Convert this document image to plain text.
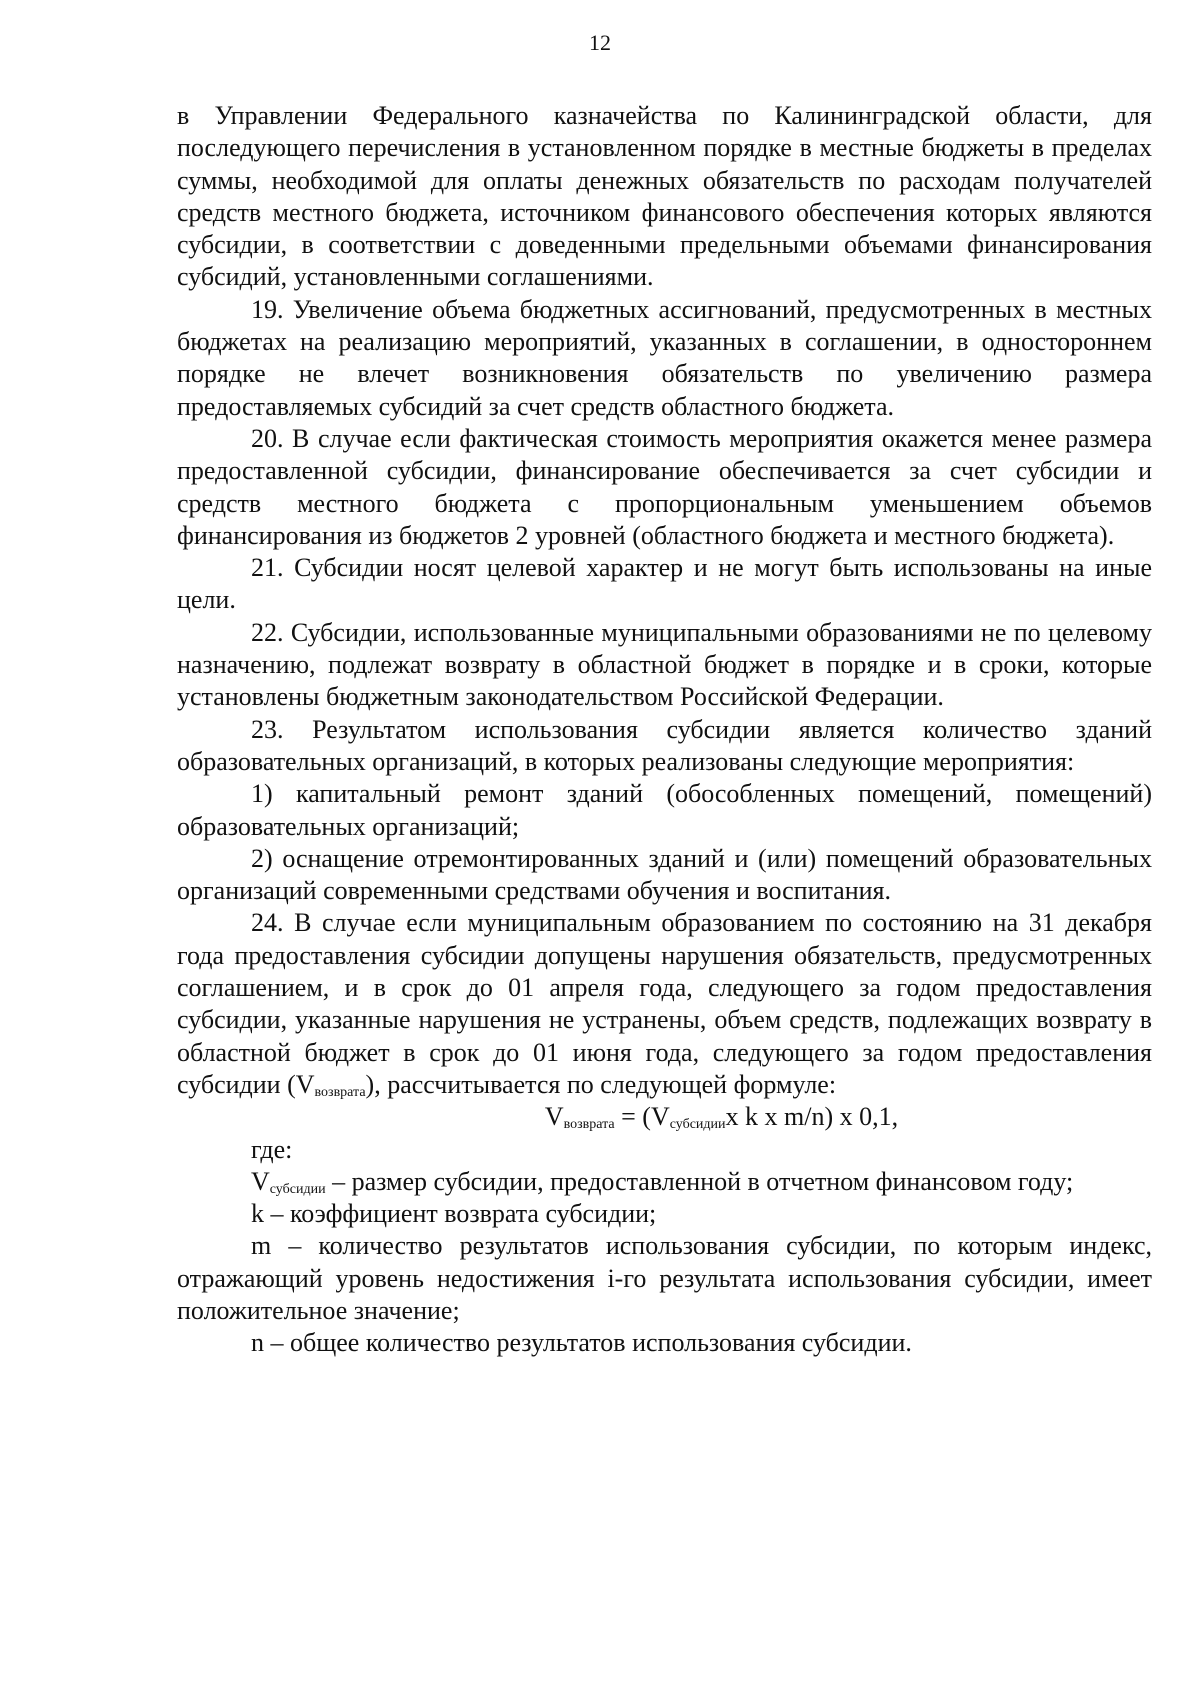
12

в Управлении Федерального казначейства по Калининградской области, для последующего перечисления в установленном порядке в местные бюджеты в пределах суммы, необходимой для оплаты денежных обязательств по расходам получателей средств местного бюджета, источником финансового обеспечения которых являются субсидии, в соответствии с доведенными предельными объемами финансирования субсидий, установленными соглашениями.

19. Увеличение объема бюджетных ассигнований, предусмотренных в местных бюджетах на реализацию мероприятий, указанных в соглашении, в одностороннем порядке не влечет возникновения обязательств по увеличению размера предоставляемых субсидий за счет средств областного бюджета.

20. В случае если фактическая стоимость мероприятия окажется менее размера предоставленной субсидии, финансирование обеспечивается за счет субсидии и средств местного бюджета с пропорциональным уменьшением объемов финансирования из бюджетов 2 уровней (областного бюджета и местного бюджета).

21. Субсидии носят целевой характер и не могут быть использованы на иные цели.

22. Субсидии, использованные муниципальными образованиями не по целевому назначению, подлежат возврату в областной бюджет в порядке и в сроки, которые установлены бюджетным законодательством Российской Федерации.

23. Результатом использования субсидии является количество зданий образовательных организаций, в которых реализованы следующие мероприятия:

1) капитальный ремонт зданий (обособленных помещений, помещений) образовательных организаций;

2) оснащение отремонтированных зданий и (или) помещений образовательных организаций современными средствами обучения и воспитания.

24. В случае если муниципальным образованием по состоянию на 31 декабря года предоставления субсидии допущены нарушения обязательств, предусмотренных соглашением, и в срок до 01 апреля года, следующего за годом предоставления субсидии, указанные нарушения не устранены, объем средств, подлежащих возврату в областной бюджет в срок до 01 июня года, следующего за годом предоставления субсидии $(V_{возврата})$, рассчитывается по следующей формуле:

$V_{возврата} = (V_{субсидии}x$ k x m/n) x 0,1,

где:

$V_{субсидии}$ – размер субсидии, предоставленной в отчетном финансовом году;

k – коэффициент возврата субсидии;

m – количество результатов использования субсидии, по которым индекс, отражающий уровень недостижения i-го результата использования субсидии, имеет положительное значение;

n – общее количество результатов использования субсидии.
